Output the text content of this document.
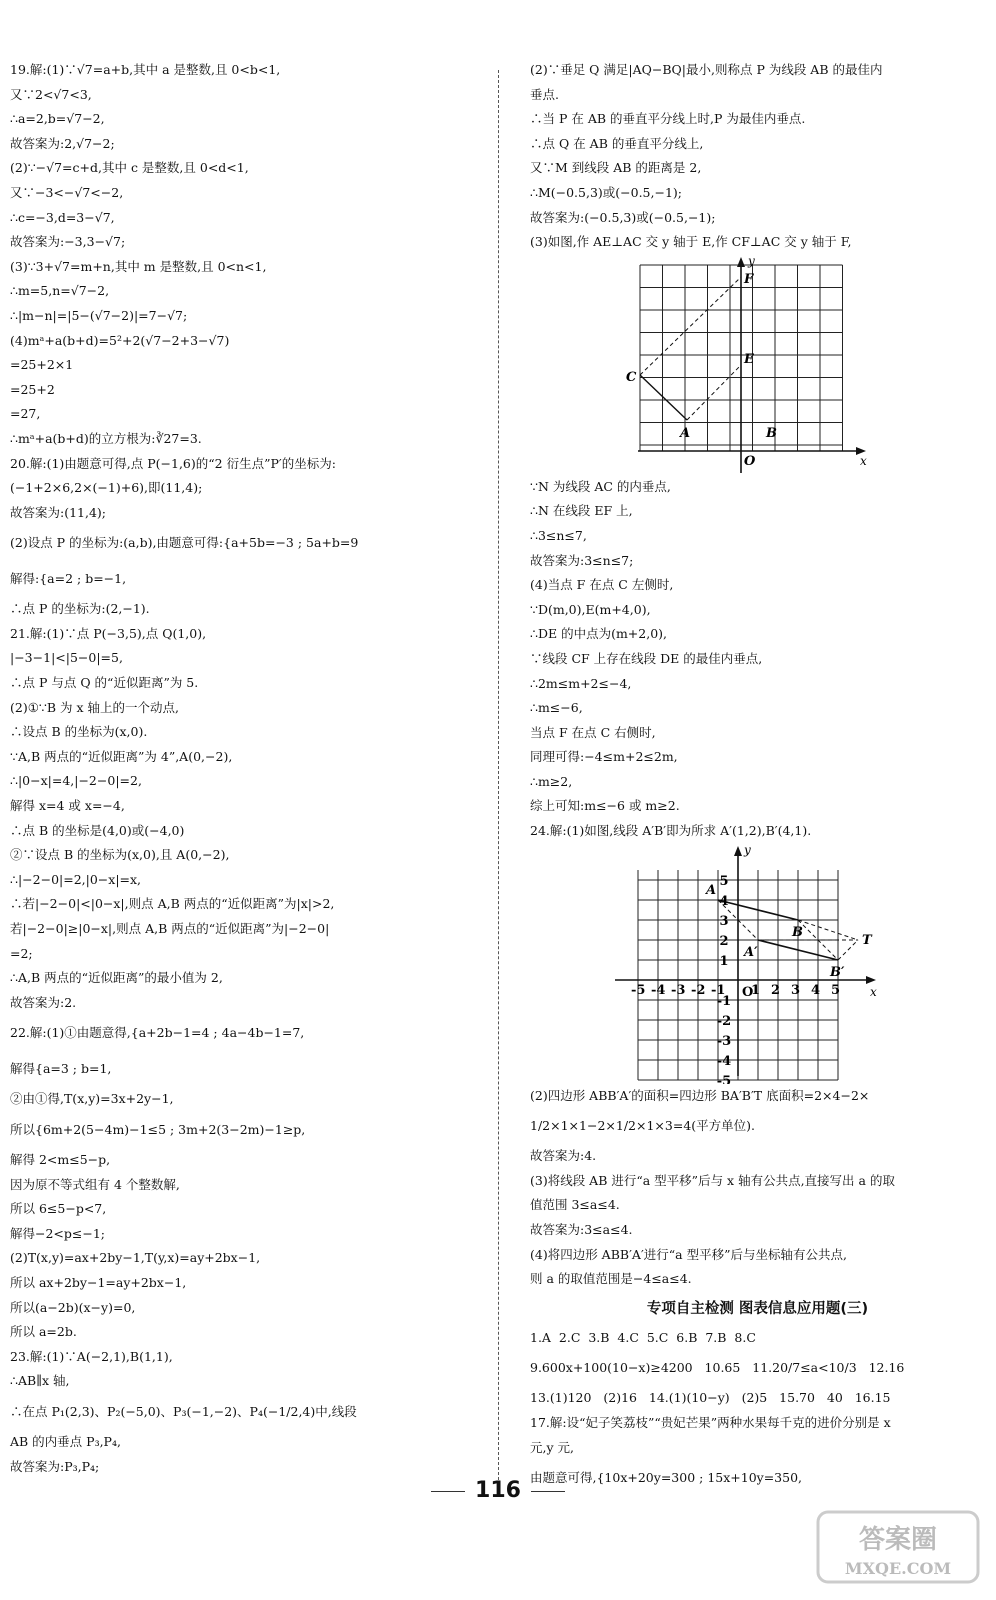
19.解:(1)∵√7=a+b,其中 a 是整数,且 0<b<1,
又∵2<√7<3,
∴a=2,b=√7−2,
故答案为:2,√7−2;
(2)∵−√7=c+d,其中 c 是整数,且 0<d<1,
又∵−3<−√7<−2,
∴c=−3,d=3−√7,
故答案为:−3,3−√7;
(3)∵3+√7=m+n,其中 m 是整数,且 0<n<1,
∴m=5,n=√7−2,
∴|m−n|=|5−(√7−2)|=7−√7;
(4)mᵃ+a(b+d)=5²+2(√7−2+3−√7)
=25+2×1
=25+2
=27,
∴mᵃ+a(b+d)的立方根为:∛27=3.
20.解:(1)由题意可得,点 P(−1,6)的“2 衍生点”P′的坐标为:
(−1+2×6,2×(−1)+6),即(11,4);
故答案为:(11,4);
(2)设点 P 的坐标为:(a,b),由题意可得:{a+5b=−3 ; 5a+b=9
解得:{a=2 ; b=−1,
∴点 P 的坐标为:(2,−1).
21.解:(1)∵点 P(−3,5),点 Q(1,0),
|−3−1|<|5−0|=5,
∴点 P 与点 Q 的“近似距离”为 5.
(2)①∵B 为 x 轴上的一个动点,
∴设点 B 的坐标为(x,0).
∵A,B 两点的“近似距离”为 4”,A(0,−2),
∴|0−x|=4,|−2−0|=2,
解得 x=4 或 x=−4,
∴点 B 的坐标是(4,0)或(−4,0)
②∵设点 B 的坐标为(x,0),且 A(0,−2),
∴|−2−0|=2,|0−x|=x,
∴若|−2−0|<|0−x|,则点 A,B 两点的“近似距离”为|x|>2,
若|−2−0|≥|0−x|,则点 A,B 两点的“近似距离”为|−2−0|
=2;
∴A,B 两点的“近似距离”的最小值为 2,
故答案为:2.
22.解:(1)①由题意得,{a+2b−1=4 ; 4a−4b−1=7,
解得{a=3 ; b=1,
②由①得,T(x,y)=3x+2y−1,
所以{6m+2(5−4m)−1≤5 ; 3m+2(3−2m)−1≥p,
解得 2<m≤5−p,
因为原不等式组有 4 个整数解,
所以 6≤5−p<7,
解得−2<p≤−1;
(2)T(x,y)=ax+2by−1,T(y,x)=ay+2bx−1,
所以 ax+2by−1=ay+2bx−1,
所以(a−2b)(x−y)=0,
所以 a=2b.
23.解:(1)∵A(−2,1),B(1,1),
∴AB∥x 轴,
∴在点 P₁(2,3)、P₂(−5,0)、P₃(−1,−2)、P₄(−1/2,4)中,线段
AB 的内垂点 P₃,P₄,
故答案为:P₃,P₄;
(2)∵垂足 Q 满足|AQ−BQ|最小,则称点 P 为线段 AB 的最佳内
垂点.
∴当 P 在 AB 的垂直平分线上时,P 为最佳内垂点.
∴点 Q 在 AB 的垂直平分线上,
又∵M 到线段 AB 的距离是 2,
∴M(−0.5,3)或(−0.5,−1);
故答案为:(−0.5,3)或(−0.5,−1);
(3)如图,作 AE⊥AC 交 y 轴于 E,作 CF⊥AC 交 y 轴于 F,
y
x
F
E
C
A	B
O
∵N 为线段 AC 的内垂点,
∴N 在线段 EF 上,
∴3≤n≤7,
故答案为:3≤n≤7;
(4)当点 F 在点 C 左侧时,
∵D(m,0),E(m+4,0),
∴DE 的中点为(m+2,0),
∵线段 CF 上存在线段 DE 的最佳内垂点,
∴2m≤m+2≤−4,
∴m≤−6,
当点 F 在点 C 右侧时,
同理可得:−4≤m+2≤2m,
∴m≥2,
综上可知:m≤−6 或 m≥2.
24.解:(1)如图,线段 A′B′即为所求 A′(1,2),B′(4,1).
y
x
A
B
A′
B′
T
O
-5 -4 -3 -2 -1 1 2 3 4 5
5
4
3
2
1
-1
-2
-3
-4
-5
(2)四边形 ABB′A′的面积=四边形 BA′B′T 底面积=2×4−2×
1/2×1×1−2×1/2×1×3=4(平方单位).
故答案为:4.
(3)将线段 AB 进行“a 型平移”后与 x 轴有公共点,直接写出 a 的取
值范围 3≤a≤4.
故答案为:3≤a≤4.
(4)将四边形 ABB′A′进行“a 型平移”后与坐标轴有公共点,
则 a 的取值范围是−4≤a≤4.
专项自主检测 图表信息应用题(三)
1.A  2.C  3.B  4.C  5.C  6.B  7.B  8.C
9.600x+100(10−x)≥4200   10.65   11.20/7≤a<10/3   12.16
13.(1)120   (2)16   14.(1)(10−y)   (2)5   15.70   40   16.15
17.解:设“妃子笑荔枝”“贵妃芒果”两种水果每千克的进价分别是 x
元,y 元,
由题意可得,{10x+20y=300 ; 15x+10y=350,
116
答案圈
MXQE.COM
